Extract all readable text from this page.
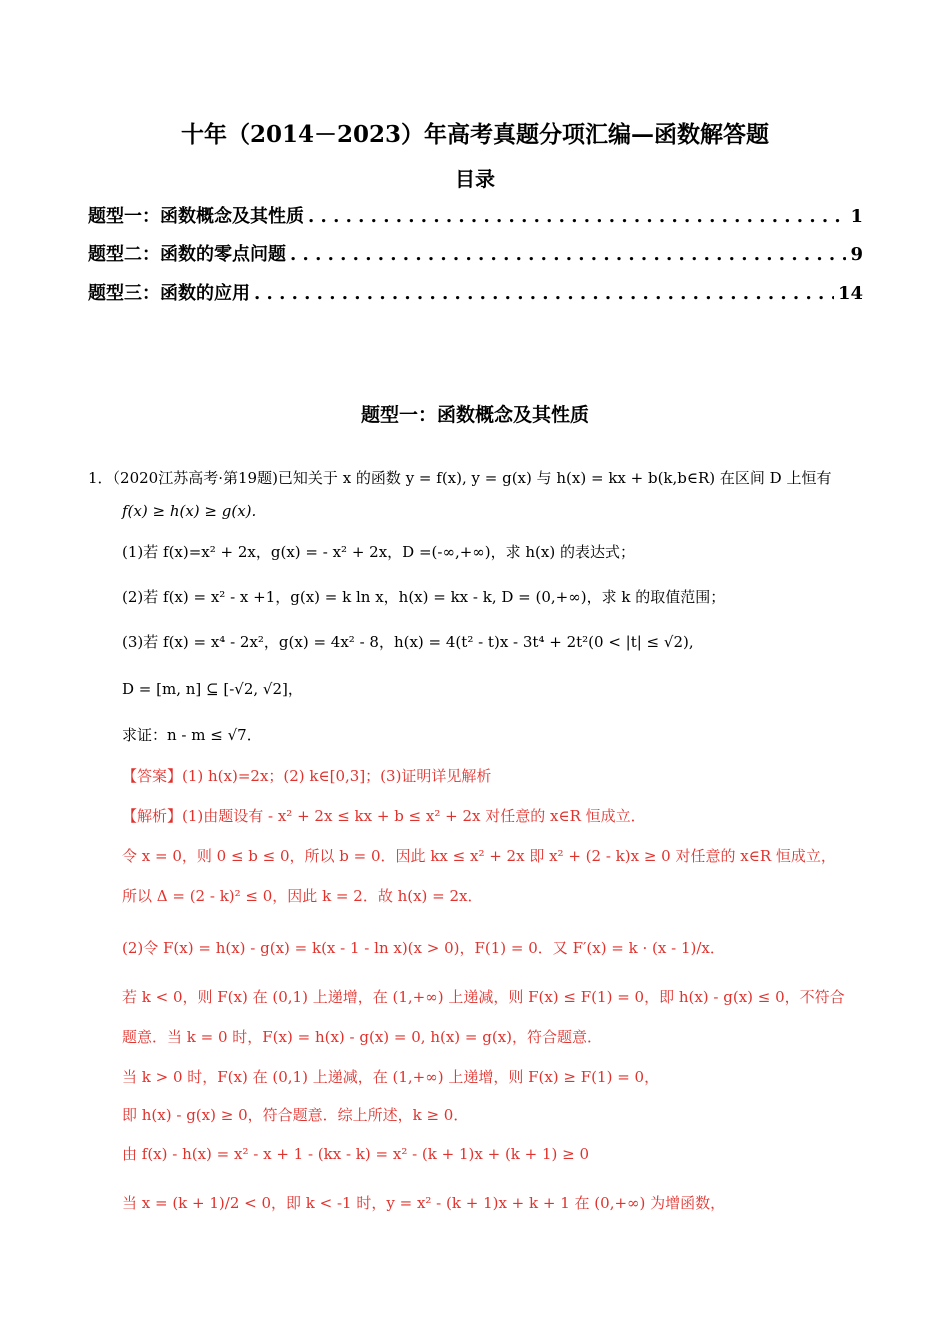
十年（2014－2023）年高考真题分项汇编—函数解答题
目录
题型一：函数概念及其性质 . . .	1
题型二：函数的零点问题 . . .	9
题型三：函数的应用 . . .	14
题型一：函数概念及其性质
1．（2020江苏高考·第19题)已知关于 x 的函数 y = f(x), y = g(x) 与 h(x) = kx + b(k,b∈R) 在区间 D 上恒有
f(x) ≥ h(x) ≥ g(x).
(1)若 f(x)=x² + 2x，g(x) = - x² + 2x，D =(-∞,+∞)，求 h(x) 的表达式；
(2)若 f(x) = x² - x +1，g(x) = k ln x，h(x) = kx - k, D = (0,+∞)，求 k 的取值范围；
(3)若 f(x) = x⁴ - 2x²，g(x) = 4x² - 8，h(x) = 4(t² - t)x - 3t⁴ + 2t²(0 < |t| ≤ √2),
D = [m, n] ⊆ [-√2, √2]，
求证：n - m ≤ √7．
【答案】(1) h(x)=2x；(2) k∈[0,3]；(3)证明详见解析
【解析】(1)由题设有 - x² + 2x ≤ kx + b ≤ x² + 2x 对任意的 x∈R 恒成立．
令 x = 0，则 0 ≤ b ≤ 0，所以 b = 0．因此 kx ≤ x² + 2x 即 x² + (2 - k)x ≥ 0 对任意的 x∈R 恒成立，
所以 Δ = (2 - k)² ≤ 0，因此 k = 2．故 h(x) = 2x．
(2)令 F(x) = h(x) - g(x) = k(x - 1 - ln x)(x > 0)，F(1) = 0．又 F′(x) = k · (x - 1)/x．
若 k < 0，则 F(x) 在 (0,1) 上递增，在 (1,+∞) 上递减，则 F(x) ≤ F(1) = 0，即 h(x) - g(x) ≤ 0，不符合
题意．当 k = 0 时，F(x) = h(x) - g(x) = 0, h(x) = g(x)，符合题意．
当 k > 0 时，F(x) 在 (0,1) 上递减，在 (1,+∞) 上递增，则 F(x) ≥ F(1) = 0，
即 h(x) - g(x) ≥ 0，符合题意．综上所述，k ≥ 0．
由 f(x) - h(x) = x² - x + 1 - (kx - k) = x² - (k + 1)x + (k + 1) ≥ 0
当 x = (k + 1)/2 < 0，即 k < -1 时，y = x² - (k + 1)x + k + 1 在 (0,+∞) 为增函数，
